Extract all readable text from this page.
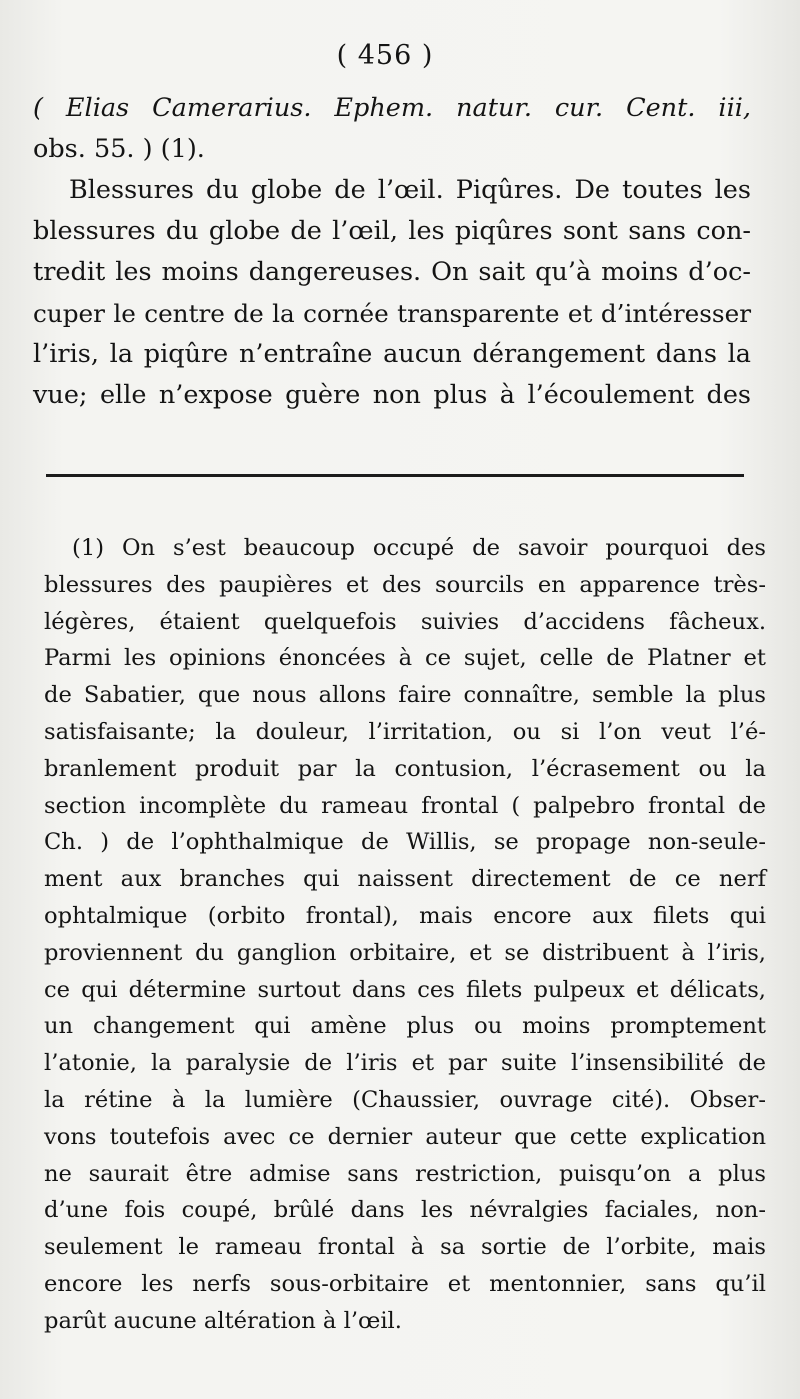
( 456 )
( Elias Camerarius. Ephem. natur. cur. Cent. iii,
obs. 55. ) (1).
Blessures du globe de l’œil. Piqûres. De toutes les
blessures du globe de l’œil, les piqûres sont sans con-
tredit les moins dangereuses. On sait qu’à moins d’oc-
cuper le centre de la cornée transparente et d’intéresser
l’iris, la piqûre n’entraîne aucun dérangement dans la
vue; elle n’expose guère non plus à l’écoulement des
(1) On s’est beaucoup occupé de savoir pourquoi des
blessures des paupières et des sourcils en apparence très-
légères, étaient quelquefois suivies d’accidens fâcheux.
Parmi les opinions énoncées à ce sujet, celle de Platner et
de Sabatier, que nous allons faire connaître, semble la plus
satisfaisante; la douleur, l’irritation, ou si l’on veut l’é-
branlement produit par la contusion, l’écrasement ou la
section incomplète du rameau frontal ( palpebro frontal de
Ch. ) de l’ophthalmique de Willis, se propage non-seule-
ment aux branches qui naissent directement de ce nerf
ophtalmique (orbito frontal), mais encore aux filets qui
proviennent du ganglion orbitaire, et se distribuent à l’iris,
ce qui détermine surtout dans ces filets pulpeux et délicats,
un changement qui amène plus ou moins promptement
l’atonie, la paralysie de l’iris et par suite l’insensibilité de
la rétine à la lumière (Chaussier, ouvrage cité). Obser-
vons toutefois avec ce dernier auteur que cette explication
ne saurait être admise sans restriction, puisqu’on a plus
d’une fois coupé, brûlé dans les névralgies faciales, non-
seulement le rameau frontal à sa sortie de l’orbite, mais
encore les nerfs sous-orbitaire et mentonnier, sans qu’il
parût aucune altération à l’œil.
